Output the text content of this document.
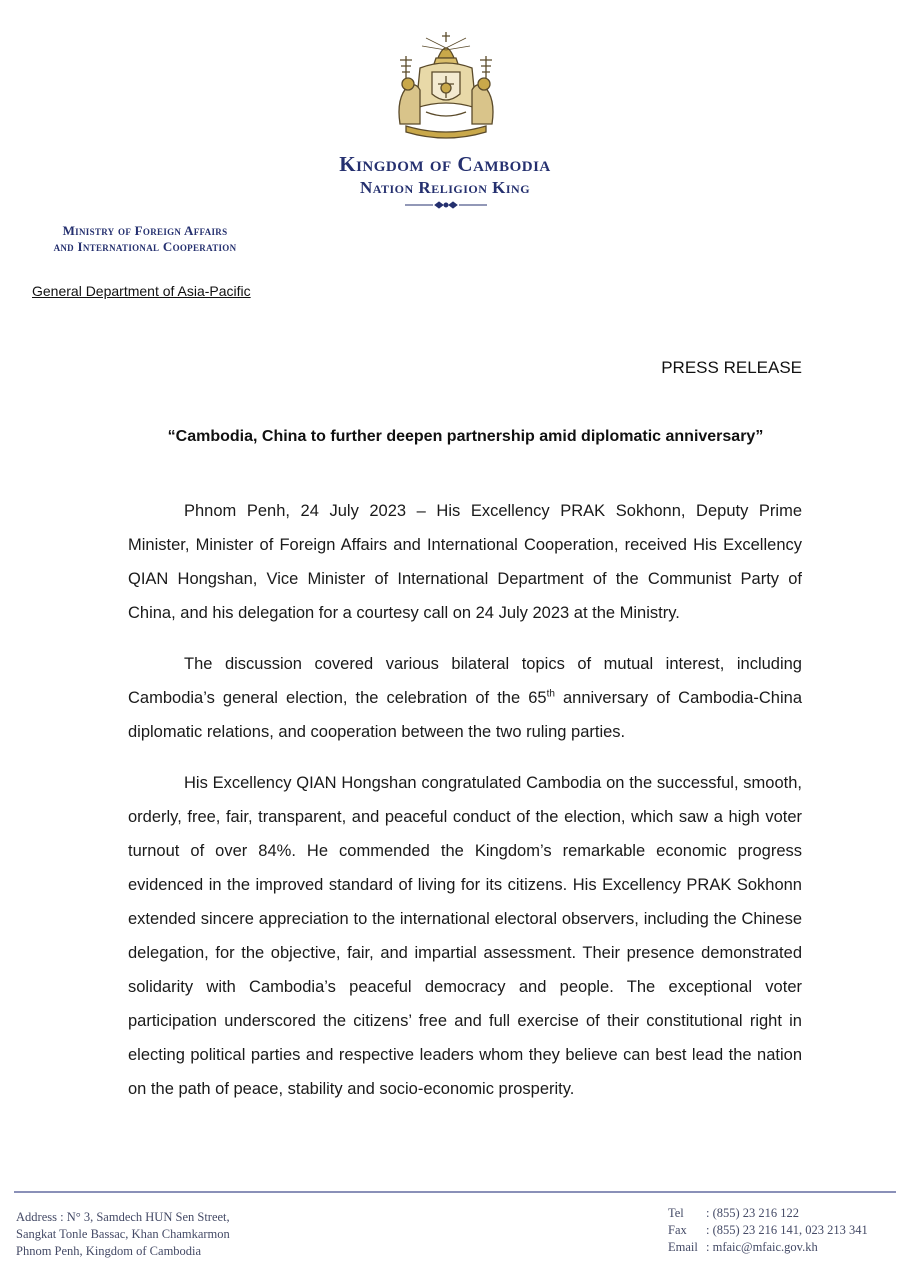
Kingdom of Cambodia
Nation Religion King
Ministry of Foreign Affairs
and International Cooperation
General Department of Asia-Pacific
PRESS RELEASE
“Cambodia, China to further deepen partnership amid diplomatic anniversary”
Phnom Penh, 24 July 2023 – His Excellency PRAK Sokhonn, Deputy Prime Minister, Minister of Foreign Affairs and International Cooperation, received His Excellency QIAN Hongshan, Vice Minister of International Department of the Communist Party of China, and his delegation for a courtesy call on 24 July 2023 at the Ministry.
The discussion covered various bilateral topics of mutual interest, including Cambodia’s general election, the celebration of the 65th anniversary of Cambodia-China diplomatic relations, and cooperation between the two ruling parties.
His Excellency QIAN Hongshan congratulated Cambodia on the successful, smooth, orderly, free, fair, transparent, and peaceful conduct of the election, which saw a high voter turnout of over 84%. He commended the Kingdom’s remarkable economic progress evidenced in the improved standard of living for its citizens. His Excellency PRAK Sokhonn extended sincere appreciation to the international electoral observers, including the Chinese delegation, for the objective, fair, and impartial assessment. Their presence demonstrated solidarity with Cambodia’s peaceful democracy and people. The exceptional voter participation underscored the citizens’ free and full exercise of their constitutional right in electing political parties and respective leaders whom they believe can best lead the nation on the path of peace, stability and socio-economic prosperity.
Address : N° 3, Samdech HUN Sen Street,
Sangkat Tonle Bassac, Khan Chamkarmon
Phnom Penh, Kingdom of Cambodia
Tel : (855) 23 216 122
Fax : (855) 23 216 141, 023 213 341
Email : mfaic@mfaic.gov.kh
